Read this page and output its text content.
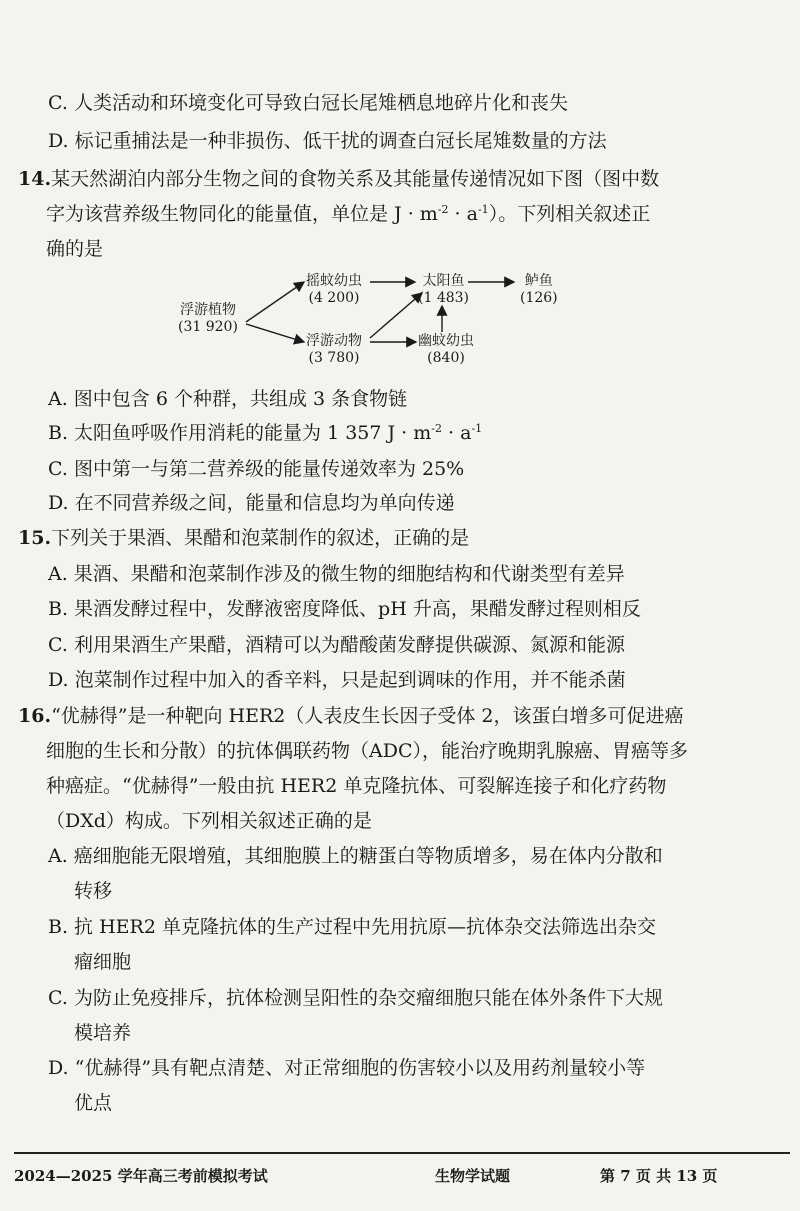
C. 人类活动和环境变化可导致白冠长尾雉栖息地碎片化和丧失
D. 标记重捕法是一种非损伤、低干扰的调查白冠长尾雉数量的方法
14.某天然湖泊内部分生物之间的食物关系及其能量传递情况如下图（图中数
字为该营养级生物同化的能量值，单位是 $J \cdot m^{-2} \cdot a^{-1}$）。下列相关叙述正
确的是
浮游植物
(31 920)
摇蚊幼虫
(4 200)
浮游动物
(3 780)
太阳鱼
(1 483)
幽蚊幼虫
(840)
鲈鱼
(126)
A. 图中包含 6 个种群，共组成 3 条食物链
B. 太阳鱼呼吸作用消耗的能量为 1 357 $J \cdot m^{-2} \cdot a^{-1}$
C. 图中第一与第二营养级的能量传递效率为 25%
D. 在不同营养级之间，能量和信息均为单向传递
15.下列关于果酒、果醋和泡菜制作的叙述，正确的是
A. 果酒、果醋和泡菜制作涉及的微生物的细胞结构和代谢类型有差异
B. 果酒发酵过程中，发酵液密度降低、pH 升高，果醋发酵过程则相反
C. 利用果酒生产果醋，酒精可以为醋酸菌发酵提供碳源、氮源和能源
D. 泡菜制作过程中加入的香辛料，只是起到调味的作用，并不能杀菌
16.“优赫得”是一种靶向 HER2（人表皮生长因子受体 2，该蛋白增多可促进癌
细胞的生长和分散）的抗体偶联药物（ADC），能治疗晚期乳腺癌、胃癌等多
种癌症。“优赫得”一般由抗 HER2 单克隆抗体、可裂解连接子和化疗药物
（DXd）构成。下列相关叙述正确的是
A. 癌细胞能无限增殖，其细胞膜上的糖蛋白等物质增多，易在体内分散和
转移
B. 抗 HER2 单克隆抗体的生产过程中先用抗原—抗体杂交法筛选出杂交
瘤细胞
C. 为防止免疫排斥，抗体检测呈阳性的杂交瘤细胞只能在体外条件下大规
模培养
D. “优赫得”具有靶点清楚、对正常细胞的伤害较小以及用药剂量较小等
优点
2024—2025 学年高三考前模拟考试	生物学试题	第 7 页 共 13 页
